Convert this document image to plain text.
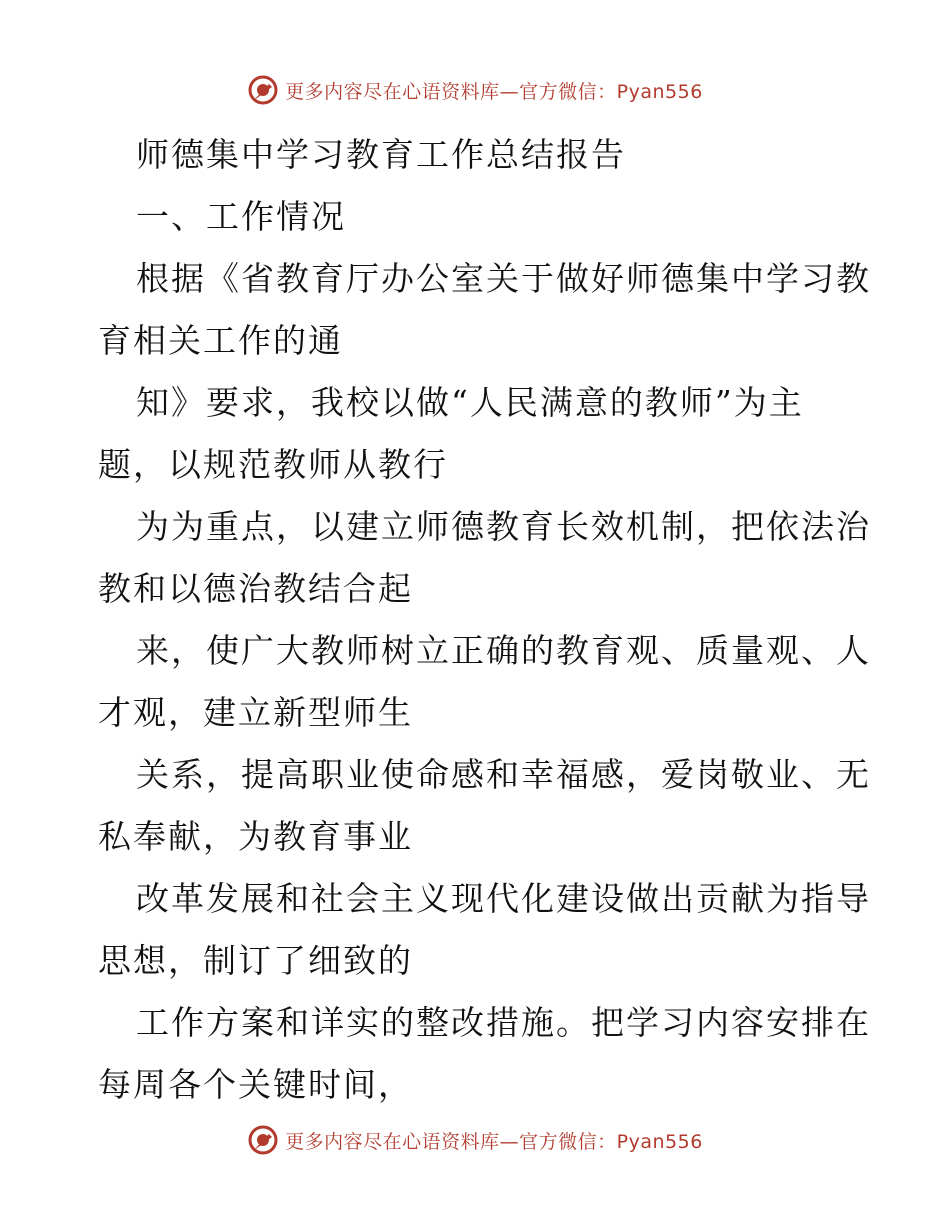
更多内容尽在心语资料库—官方微信：Pyan556
师德集中学习教育工作总结报告
一、工作情况
根据《省教育厅办公室关于做好师德集中学习教
育相关工作的通
知》要求，我校以做“人民满意的教师”为主
题，以规范教师从教行
为为重点，以建立师德教育长效机制，把依法治
教和以德治教结合起
来，使广大教师树立正确的教育观、质量观、人
才观，建立新型师生
关系，提高职业使命感和幸福感，爱岗敬业、无
私奉献，为教育事业
改革发展和社会主义现代化建设做出贡献为指导
思想，制订了细致的
工作方案和详实的整改措施。把学习内容安排在
每周各个关键时间，
更多内容尽在心语资料库—官方微信：Pyan556
